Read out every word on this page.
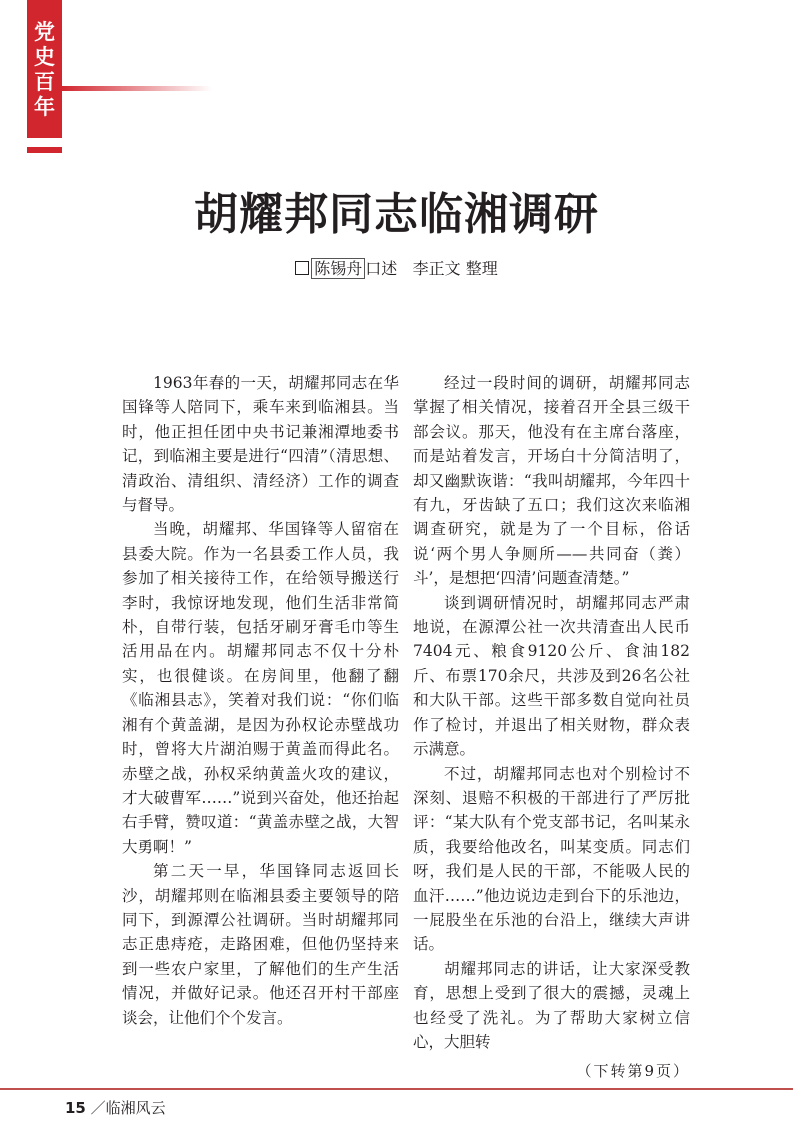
党
史
百
年
胡耀邦同志临湘调研
陈锡舟 口述 李正文 整理

1963年春的一天，胡耀邦同志在华国锋等人陪同下，乘车来到临湘县。当时，他正担任团中央书记兼湘潭地委书记，到临湘主要是进行“四清”（清思想、清政治、清组织、清经济）工作的调查与督导。

当晚，胡耀邦、华国锋等人留宿在县委大院。作为一名县委工作人员，我参加了相关接待工作，在给领导搬送行李时，我惊讶地发现，他们生活非常简朴，自带行装，包括牙刷牙膏毛巾等生活用品在内。胡耀邦同志不仅十分朴实，也很健谈。在房间里，他翻了翻《临湘县志》，笑着对我们说：“你们临湘有个黄盖湖，是因为孙权论赤壁战功时，曾将大片湖泊赐于黄盖而得此名。赤壁之战，孙权采纳黄盖火攻的建议，才大破曹军……”说到兴奋处，他还抬起右手臂，赞叹道：“黄盖赤壁之战，大智大勇啊！”

第二天一早，华国锋同志返回长沙，胡耀邦则在临湘县委主要领导的陪同下，到源潭公社调研。当时胡耀邦同志正患痔疮，走路困难，但他仍坚持来到一些农户家里，了解他们的生产生活情况，并做好记录。他还召开村干部座谈会，让他们个个发言。

经过一段时间的调研，胡耀邦同志掌握了相关情况，接着召开全县三级干部会议。那天，他没有在主席台落座，而是站着发言，开场白十分简洁明了，却又幽默诙谐：“我叫胡耀邦，今年四十有九，牙齿缺了五口；我们这次来临湘调查研究，就是为了一个目标，俗话说‘两个男人争厕所——共同奋（粪）斗’，是想把‘四清’问题查清楚。”

谈到调研情况时，胡耀邦同志严肃地说，在源潭公社一次共清查出人民币7404元、粮食9120公斤、食油182斤、布票170余尺，共涉及到26名公社和大队干部。这些干部多数自觉向社员作了检讨，并退出了相关财物，群众表示满意。

不过，胡耀邦同志也对个别检讨不深刻、退赔不积极的干部进行了严厉批评：“某大队有个党支部书记，名叫某永质，我要给他改名，叫某变质。同志们呀，我们是人民的干部，不能吸人民的血汗……”他边说边走到台下的乐池边，一屁股坐在乐池的台沿上，继续大声讲话。

胡耀邦同志的讲话，让大家深受教育，思想上受到了很大的震撼，灵魂上也经受了洗礼。为了帮助大家树立信心，大胆转

（下转第9页）
15 ／临湘风云
